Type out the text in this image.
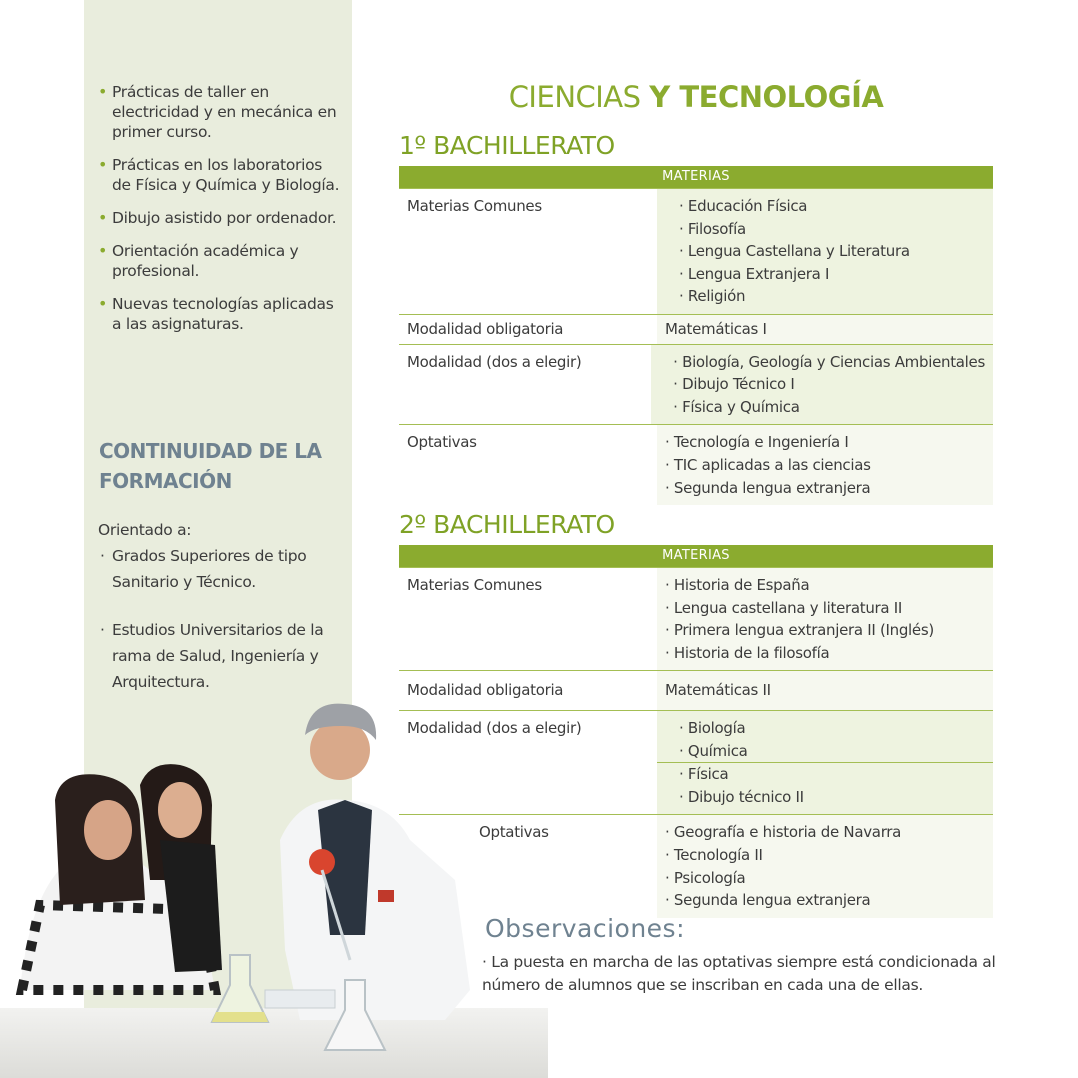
• Prácticas de taller en electricidad y en mecánica en primer curso.
• Prácticas en los laboratorios de Física y Química y Biología.
• Dibujo asistido por ordenador.
• Orientación académica y profesional.
• Nuevas tecnologías aplicadas a las asignaturas.
CONTINUIDAD DE LA FORMACIÓN
Orientado a:
· Grados Superiores de tipo Sanitario y Técnico.
· Estudios Universitarios de la rama de Salud, Ingeniería y Arquitectura.
CIENCIAS Y TECNOLOGÍA
1º BACHILLERATO
MATERIAS
Materias Comunes	· Educación Física
· Filosofía
· Lengua Castellana y Literatura
· Lengua Extranjera I
· Religión
Modalidad obligatoria	Matemáticas I
Modalidad (dos a elegir)	· Biología, Geología y Ciencias Ambientales
· Dibujo Técnico I
· Física y Química
Optativas	· Tecnología e Ingeniería I
· TIC aplicadas a las ciencias
· Segunda lengua extranjera
2º BACHILLERATO
MATERIAS
Materias Comunes	· Historia de España
· Lengua castellana y literatura II
· Primera lengua extranjera II (Inglés)
· Historia de la filosofía
Modalidad obligatoria	Matemáticas II
Modalidad (dos a elegir)	· Biología
· Química
· Física
· Dibujo técnico II
Optativas	· Geografía e historia de Navarra
· Tecnología II
· Psicología
· Segunda lengua extranjera
Observaciones:
· La puesta en marcha de las optativas siempre está condicionada al número de alumnos que se inscriban en cada una de ellas.
